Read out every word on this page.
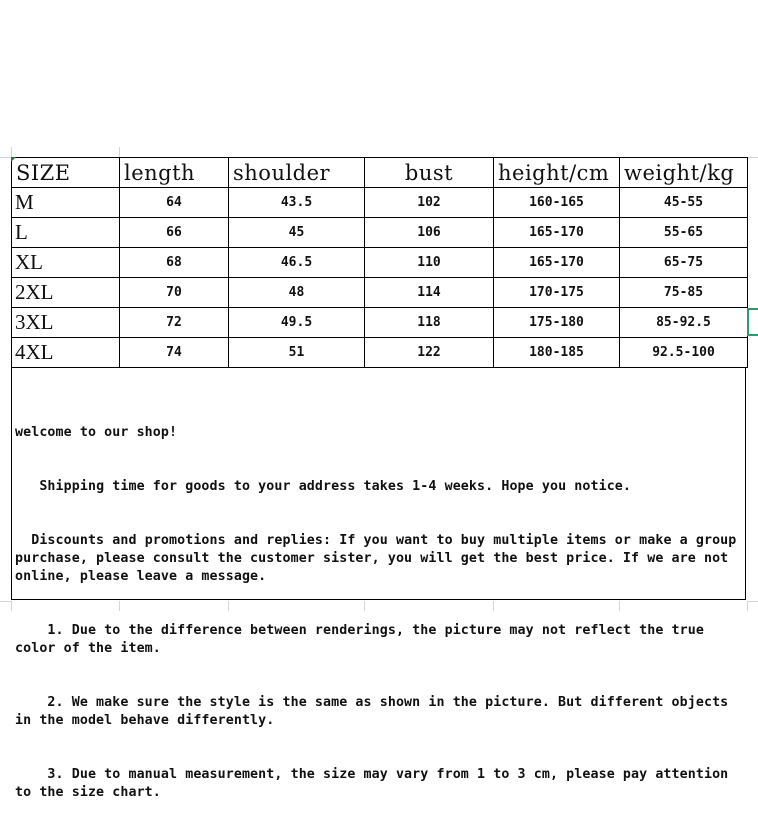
SIZE	length	shoulder	bust	height/cm	weight/kg
M	64	43.5	102	160-165	45-55
L	66	45	106	165-170	55-65
XL	68	46.5	110	165-170	65-75
2XL	70	48	114	170-175	75-85
3XL	72	49.5	118	175-180	85-92.5
4XL	74	51	122	180-185	92.5-100

welcome to our shop!

Shipping time for goods to your address takes 1-4 weeks. Hope you notice.

Discounts and promotions and replies: If you want to buy multiple items or make a group purchase, please consult the customer sister, you will get the best price. If we are not online, please leave a message.

1. Due to the difference between renderings, the picture may not reflect the true color of the item.

2. We make sure the style is the same as shown in the picture. But different objects in the model behave differently.

3. Due to manual measurement, the size may vary from 1 to 3 cm, please pay attention to the size chart.
